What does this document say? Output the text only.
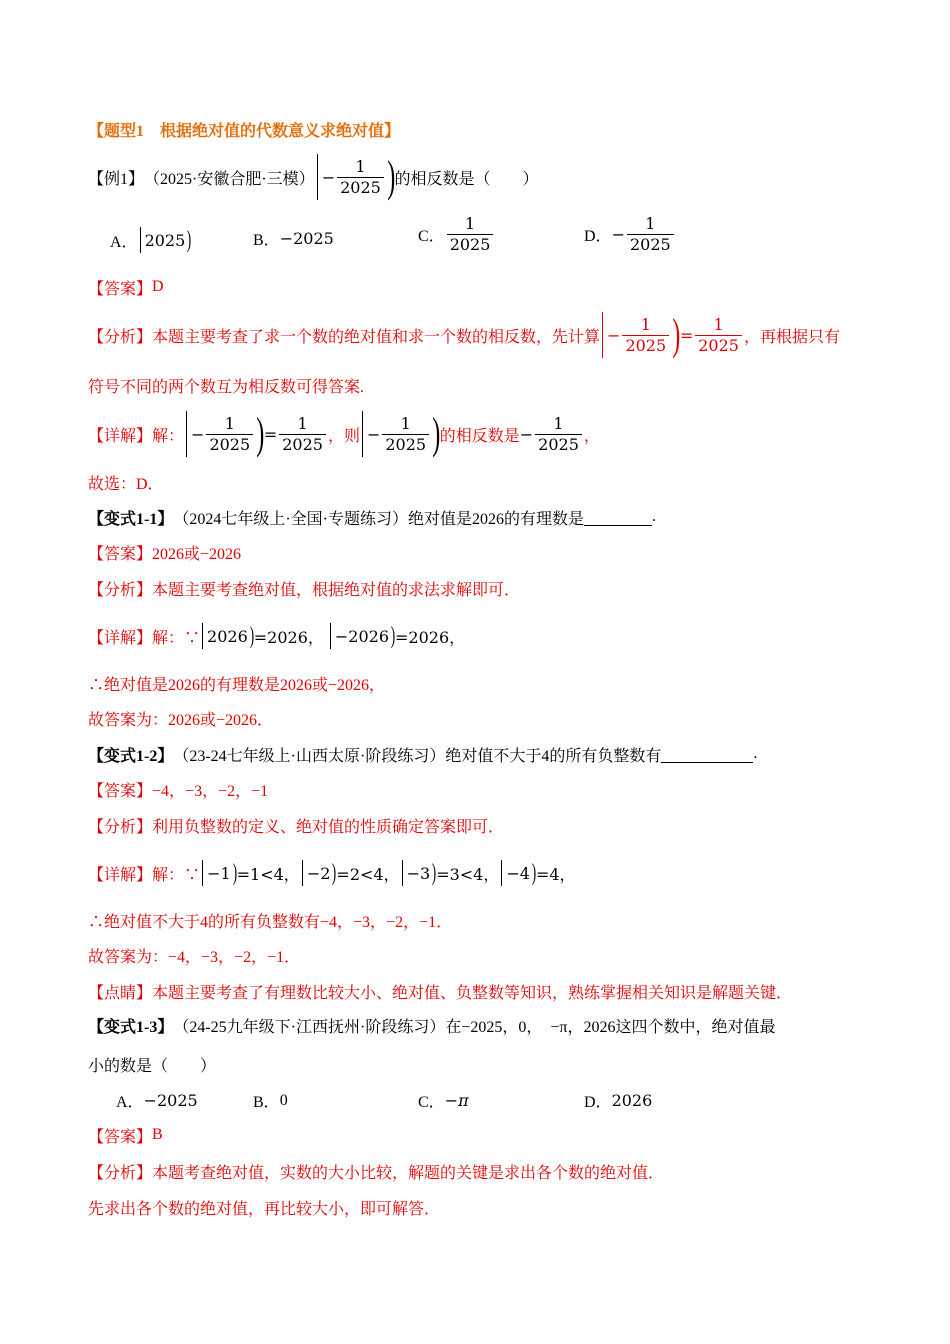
【题型1　根据绝对值的代数意义求绝对值】
【例1】 （2025·安徽合肥·三模） − $\frac{1}{2025}$ ) 的相反数是（　　）
A． 2025 )	B． −2025	C． $\frac{1}{2025}$	D． − $\frac{1}{2025}$
【答案】 D
【分析】 本题主要考查了求一个数的绝对值和求一个数的相反数，先计算 − $\frac{1}{2025}$ ) = $\frac{1}{2025}$ ，再根据只有
符号不同的两个数互为相反数可得答案.
【详解】 解： − $\frac{1}{2025}$ ) = $\frac{1}{2025}$ ，则 − $\frac{1}{2025}$ ) 的相反数是 − $\frac{1}{2025}$ ，
故选：D．
【变式1-1】 （2024七年级上·全国·专题练习）绝对值是2026的有理数是	.
【答案】 2026或−2026
【分析】 本题主要考查绝对值，根据绝对值的求法求解即可．
【详解】 解：∵ 2026 ) =2026， −2026 ) =2026，
∴绝对值是2026的有理数是2026或−2026，
故答案为：2026或−2026．
【变式1-2】 （23-24七年级上·山西太原·阶段练习）绝对值不大于4的所有负整数有	.
【答案】 −4，−3，−2，−1
【分析】 利用负整数的定义、绝对值的性质确定答案即可．
【详解】 解：∵ −1 ) =1<4， −2 ) =2<4， −3 ) =3<4， −4 ) =4，
∴绝对值不大于4的所有负整数有−4，−3，−2，−1．
故答案为：−4，−3，−2，−1．
【点睛】 本题主要考查了有理数比较大小、绝对值、负整数等知识，熟练掌握相关知识是解题关键．
【变式1-3】 （24-25九年级下·江西抚州·阶段练习）在−2025，0，　−π，2026这四个数中，绝对值最
小的数是（　　）
A． −2025	B． 0	C． −π	D． 2026
【答案】 B
【分析】 本题考查绝对值，实数的大小比较，解题的关键是求出各个数的绝对值．
先求出各个数的绝对值，再比较大小，即可解答．
